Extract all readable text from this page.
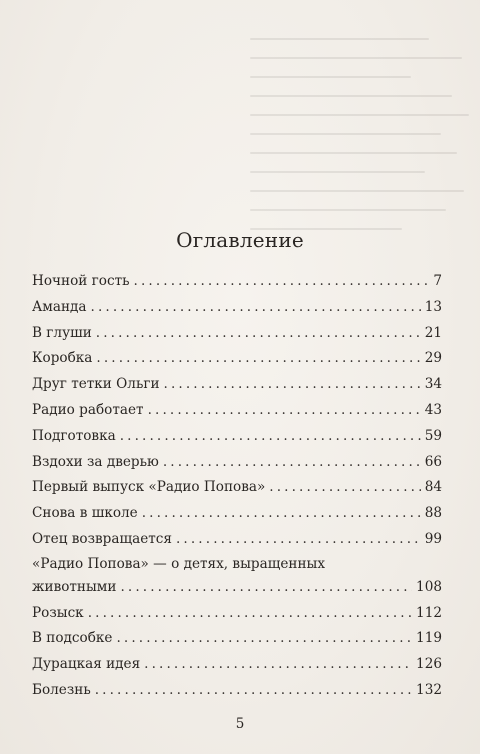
Оглавление
Ночной гость . . .	7
Аманда . . .	13
В глуши . . .	21
Коробка . . .	29
Друг тетки Ольги . . .	34
Радио работает . . .	43
Подготовка . . .	59
Вздохи за дверью . . .	66
Первый выпуск «Радио Попова» . . .	84
Снова в школе . . .	88
Отец возвращается . . .	99
«Радио Попова» — о детях, выращенных
животными . . .	108
Розыск . . .	112
В подсобке . . .	119
Дурацкая идея . . .	126
Болезнь . . .	132
5
